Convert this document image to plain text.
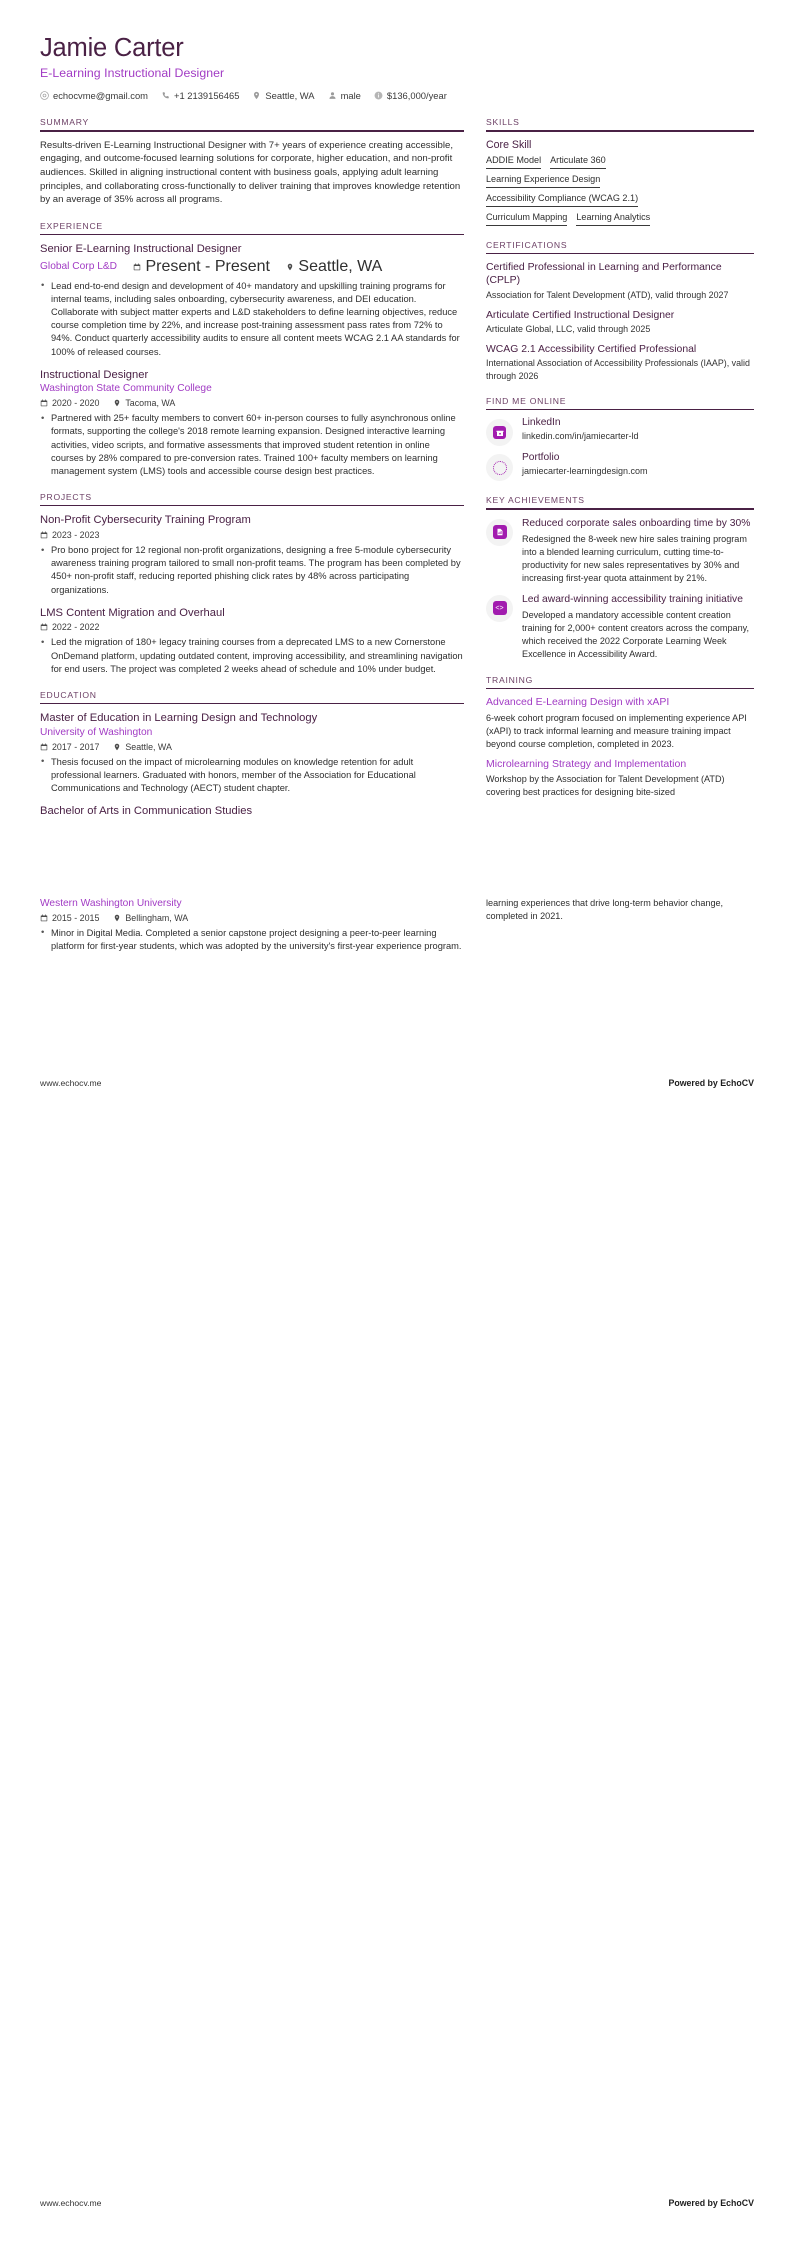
Jamie Carter
E-Learning Instructional Designer
echocvme@gmail.com	+1 2139156465	Seattle, WA	male	$136,000/year
SUMMARY
Results-driven E-Learning Instructional Designer with 7+ years of experience creating accessible, engaging, and outcome-focused learning solutions for corporate, higher education, and non-profit audiences. Skilled in aligning instructional content with business goals, applying adult learning principles, and collaborating cross-functionally to deliver training that improves knowledge retention by an average of 35% across all programs.
EXPERIENCE
Senior E-Learning Instructional Designer
Global Corp L&D	Present - Present	Seattle, WA
• Lead end-to-end design and development of 40+ mandatory and upskilling training programs for internal teams, including sales onboarding, cybersecurity awareness, and DEI education. Collaborate with subject matter experts and L&D stakeholders to define learning objectives, reduce course completion time by 22%, and increase post-training assessment pass rates from 72% to 94%. Conduct quarterly accessibility audits to ensure all content meets WCAG 2.1 AA standards for 100% of released courses.
Instructional Designer
Washington State Community College
2020 - 2020	Tacoma, WA
• Partnered with 25+ faculty members to convert 60+ in-person courses to fully asynchronous online formats, supporting the college's 2018 remote learning expansion. Designed interactive learning activities, video scripts, and formative assessments that improved student retention in online courses by 28% compared to pre-conversion rates. Trained 100+ faculty members on learning management system (LMS) tools and accessible course design best practices.
PROJECTS
Non-Profit Cybersecurity Training Program
2023 - 2023
• Pro bono project for 12 regional non-profit organizations, designing a free 5-module cybersecurity awareness training program tailored to small non-profit teams. The program has been completed by 450+ non-profit staff, reducing reported phishing click rates by 48% across participating organizations.
LMS Content Migration and Overhaul
2022 - 2022
• Led the migration of 180+ legacy training courses from a deprecated LMS to a new Cornerstone OnDemand platform, updating outdated content, improving accessibility, and streamlining navigation for end users. The project was completed 2 weeks ahead of schedule and 10% under budget.
EDUCATION
Master of Education in Learning Design and Technology
University of Washington
2017 - 2017	Seattle, WA
• Thesis focused on the impact of microlearning modules on knowledge retention for adult professional learners. Graduated with honors, member of the Association for Educational Communications and Technology (AECT) student chapter.
Bachelor of Arts in Communication Studies
SKILLS
Core Skill
ADDIE Model Articulate 360
Learning Experience Design
Accessibility Compliance (WCAG 2.1)
Curriculum Mapping Learning Analytics
CERTIFICATIONS
Certified Professional in Learning and Performance (CPLP)
Association for Talent Development (ATD), valid through 2027
Articulate Certified Instructional Designer
Articulate Global, LLC, valid through 2025
WCAG 2.1 Accessibility Certified Professional
International Association of Accessibility Professionals (IAAP), valid through 2026
FIND ME ONLINE
LinkedIn
linkedin.com/in/jamiecarter-ld
Portfolio
jamiecarter-learningdesign.com
KEY ACHIEVEMENTS
Reduced corporate sales onboarding time by 30%
Redesigned the 8-week new hire sales training program into a blended learning curriculum, cutting time-to-productivity for new sales representatives by 30% and increasing first-year quota attainment by 21%.
<>
Led award-winning accessibility training initiative
Developed a mandatory accessible content creation training for 2,000+ content creators across the company, which received the 2022 Corporate Learning Week Excellence in Accessibility Award.
TRAINING
Advanced E-Learning Design with xAPI
6-week cohort program focused on implementing experience API (xAPI) to track informal learning and measure training impact beyond course completion, completed in 2023.
Microlearning Strategy and Implementation
Workshop by the Association for Talent Development (ATD) covering best practices for designing bite-sized
www.echocv.me	Powered by EchoCV
Western Washington University
2015 - 2015	Bellingham, WA
• Minor in Digital Media. Completed a senior capstone project designing a peer-to-peer learning platform for first-year students, which was adopted by the university's first-year experience program.
learning experiences that drive long-term behavior change, completed in 2021.
www.echocv.me	Powered by EchoCV
